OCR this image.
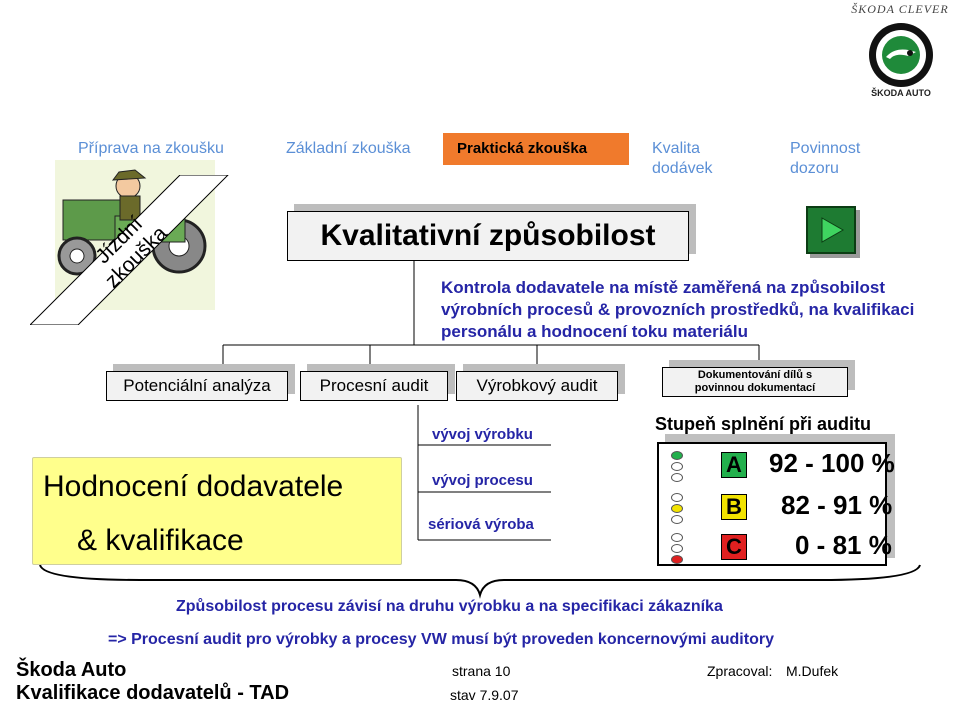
ŠKODA CLEVER
ŠKODA AUTO
Příprava na zkoušku	Základní zkouška	Praktická zkouška	Kvalita dodávek
Povinnost dozoru
Jízdní zkouška	Kvalitativní způsobilost
Kontrola dodavatele na místě zaměřená na způsobilost výrobních procesů & provozních prostředků, na kvalifikaci personálu a hodnocení toku materiálu
Potenciální analýza	Procesní audit	Výrobkový audit
Dokumentování dílů s povinnou dokumentací
Hodnocení dodavatele
& kvalifikace
vývoj výrobku
vývoj procesu
sériová výroba
Stupeň splnění při auditu
A 92 - 100 %
B 82 - 91 %
C 0 - 81 %
Způsobilost procesu závisí na druhu výrobku a na specifikaci zákazníka
=> Procesní audit pro výrobky a procesy VW musí být proveden koncernovými auditory
Škoda Auto
Kvalifikace dodavatelů - TAD
strana 10
stav 7.9.07
Zpracoval: M.Dufek
